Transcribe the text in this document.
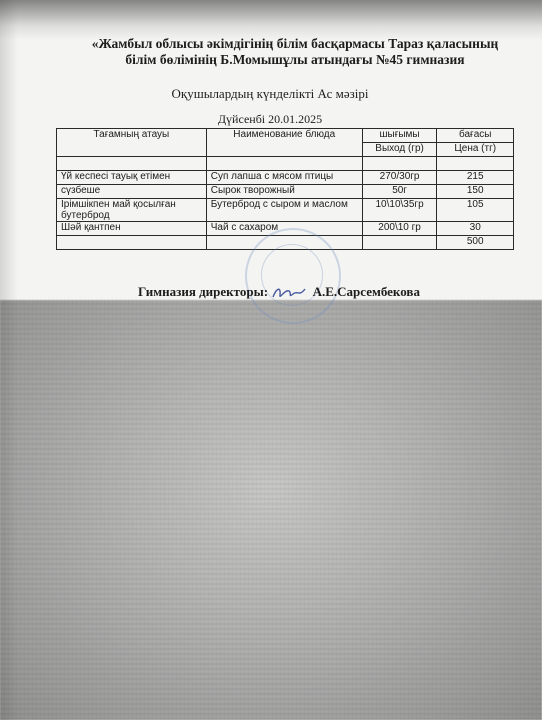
«Жамбыл облысы әкімдігінің білім басқармасы Тараз қаласының
білім бөлімінің Б.Момышұлы атындағы №45 гимназия
Оқушылардың күнделікті Ас мәзірі
Дүйсенбі 20.01.2025
Тағамның атауы	Наименование блюда	шығымы	бағасы
		Выход (гр)	Цена (тг)

Үй кеспесі тауық етімен	Суп лапша с мясом птицы	270/30гр	215
сүзбеше	Сырок творожный	50г	150
Ірімшікпен май қосылған бутерброд	Бутерброд с сыром и маслом	10\10\35гр	105
Шәй қантпен	Чай с сахаром	200\10 гр	30
			500
Гимназия директоры:	А.Е.Сарсембекова
